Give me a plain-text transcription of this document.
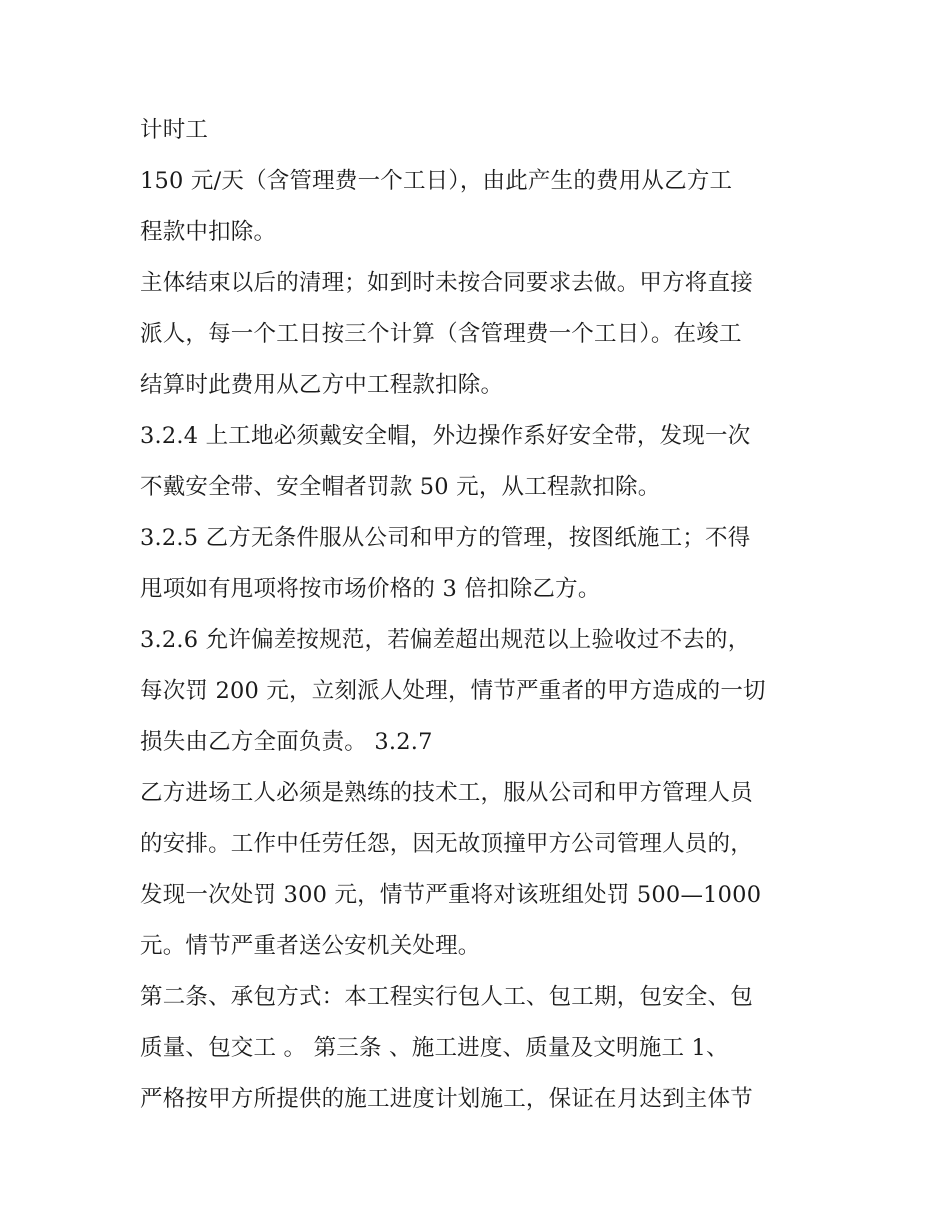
计时工
150 元/天（含管理费一个工日），由此产生的费用从乙方工
程款中扣除。
主体结束以后的清理；如到时未按合同要求去做。甲方将直接
派人，每一个工日按三个计算（含管理费一个工日）。在竣工
结算时此费用从乙方中工程款扣除。
3.2.4 上工地必须戴安全帽，外边操作系好安全带，发现一次
不戴安全带、安全帽者罚款 50 元，从工程款扣除。
3.2.5 乙方无条件服从公司和甲方的管理，按图纸施工；不得
甩项如有甩项将按市场价格的 3 倍扣除乙方。
3.2.6 允许偏差按规范，若偏差超出规范以上验收过不去的，
每次罚 200 元，立刻派人处理，情节严重者的甲方造成的一切
损失由乙方全面负责。 3.2.7
乙方进场工人必须是熟练的技术工，服从公司和甲方管理人员
的安排。工作中任劳任怨，因无故顶撞甲方公司管理人员的，
发现一次处罚 300 元，情节严重将对该班组处罚 500—1000
元。情节严重者送公安机关处理。
第二条、承包方式：本工程实行包人工、包工期，包安全、包
质量、包交工 。 第三条 、施工进度、质量及文明施工 1、
严格按甲方所提供的施工进度计划施工，保证在月达到主体节
